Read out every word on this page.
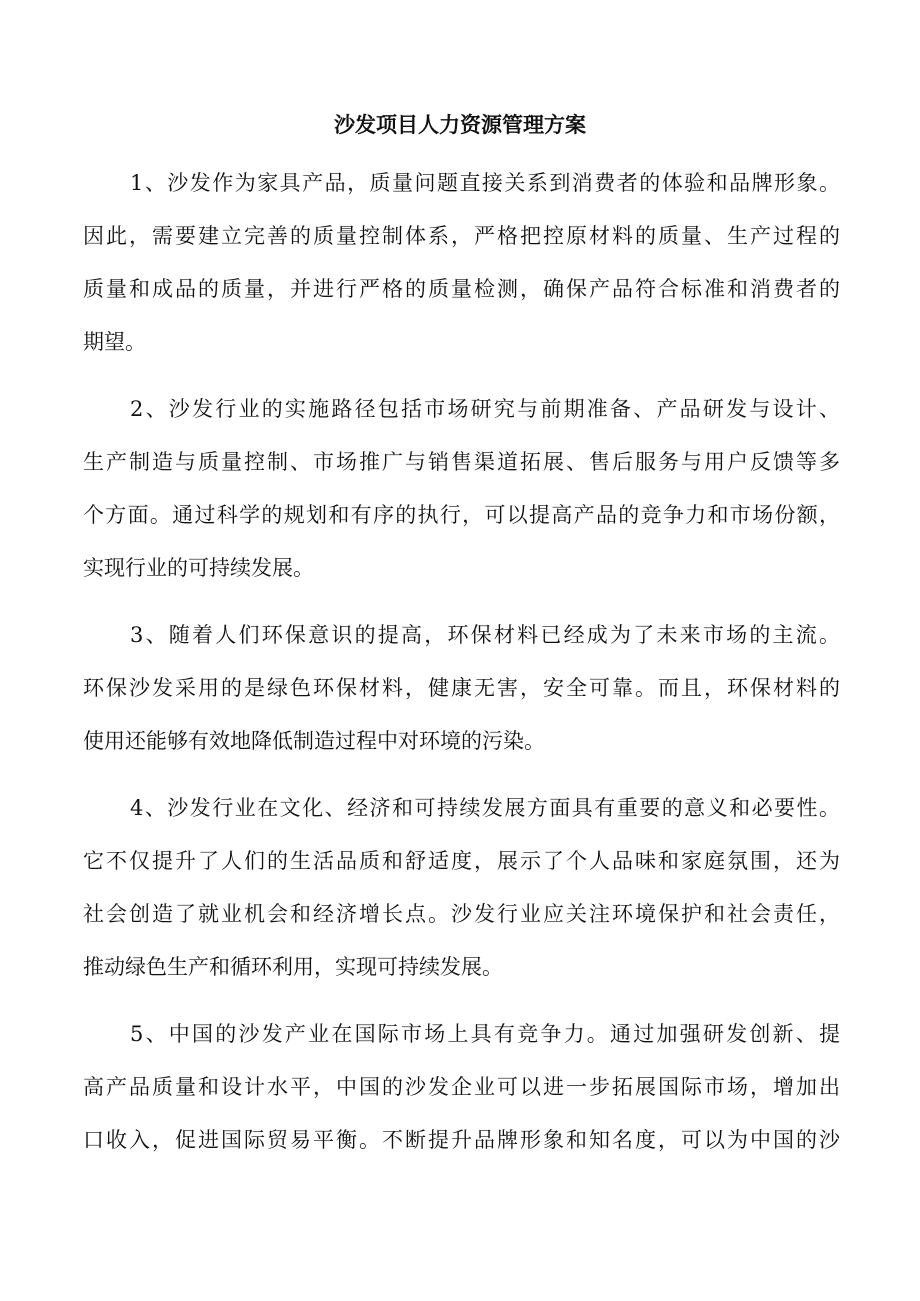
沙发项目人力资源管理方案
1、沙发作为家具产品，质量问题直接关系到消费者的体验和品牌形象。
因此，需要建立完善的质量控制体系，严格把控原材料的质量、生产过程的
质量和成品的质量，并进行严格的质量检测，确保产品符合标准和消费者的
期望。
2、沙发行业的实施路径包括市场研究与前期准备、产品研发与设计、
生产制造与质量控制、市场推广与销售渠道拓展、售后服务与用户反馈等多
个方面。通过科学的规划和有序的执行，可以提高产品的竞争力和市场份额，
实现行业的可持续发展。
3、随着人们环保意识的提高，环保材料已经成为了未来市场的主流。
环保沙发采用的是绿色环保材料，健康无害，安全可靠。而且，环保材料的
使用还能够有效地降低制造过程中对环境的污染。
4、沙发行业在文化、经济和可持续发展方面具有重要的意义和必要性。
它不仅提升了人们的生活品质和舒适度，展示了个人品味和家庭氛围，还为
社会创造了就业机会和经济增长点。沙发行业应关注环境保护和社会责任，
推动绿色生产和循环利用，实现可持续发展。
5、中国的沙发产业在国际市场上具有竞争力。通过加强研发创新、提
高产品质量和设计水平，中国的沙发企业可以进一步拓展国际市场，增加出
口收入，促进国际贸易平衡。不断提升品牌形象和知名度，可以为中国的沙
